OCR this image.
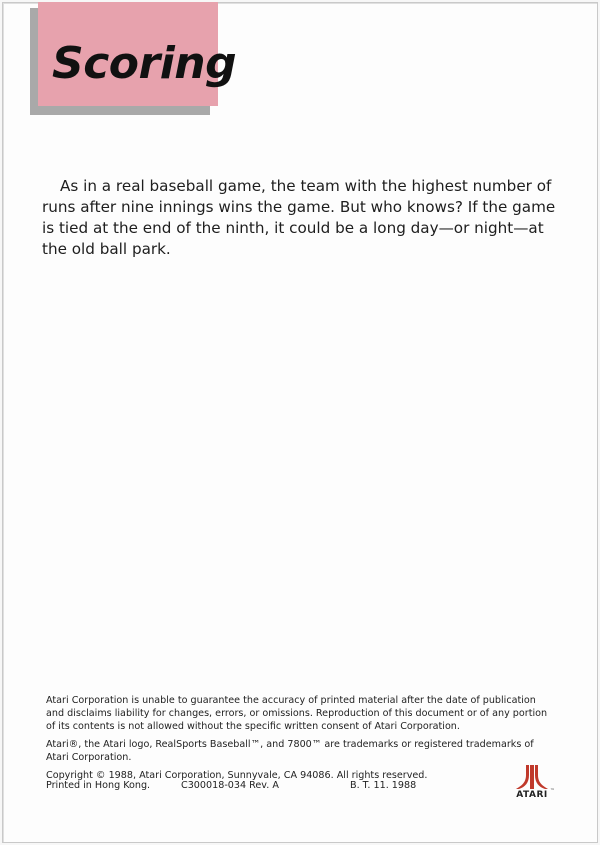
Scoring

As in a real baseball game, the team with the highest number of runs after nine innings wins the game. But who knows? If the game is tied at the end of the ninth, it could be a long day—or night—at the old ball park.

Atari Corporation is unable to guarantee the accuracy of printed material after the date of publication and disclaims liability for changes, errors, or omissions. Reproduction of this document or of any portion of its contents is not allowed without the specific written consent of Atari Corporation.

Atari®, the Atari logo, RealSports Baseball™, and 7800™ are trademarks or registered trademarks of Atari Corporation.

Copyright © 1988, Atari Corporation, Sunnyvale, CA 94086. All rights reserved.

Printed in Hong Kong.	C300018-034 Rev. A	B. T. 11. 1988
ATARI ™
